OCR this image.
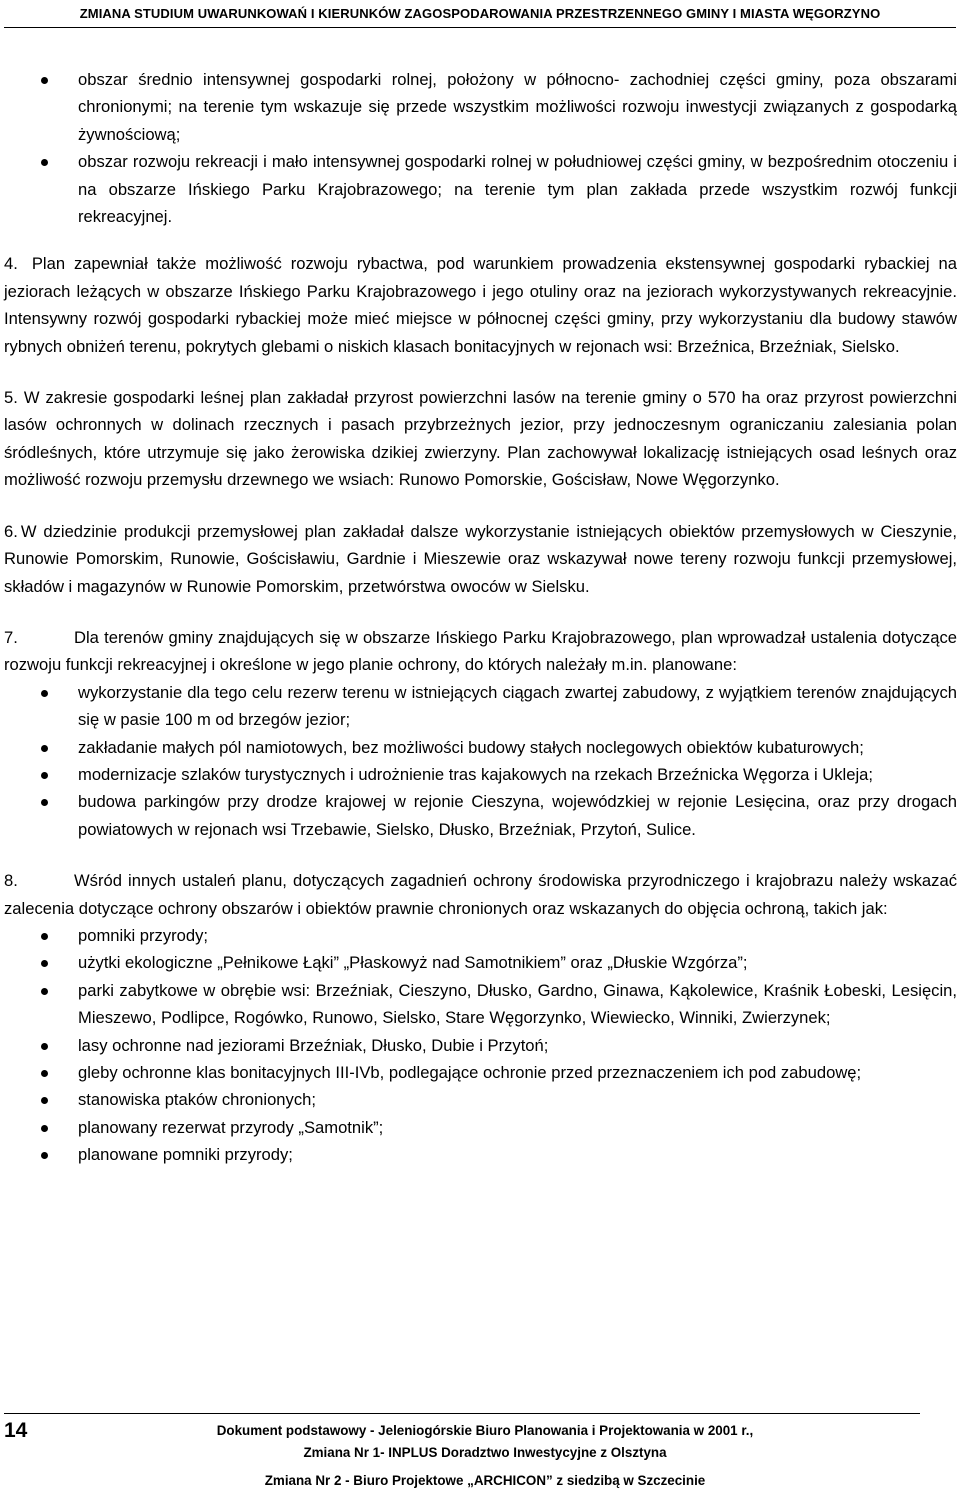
ZMIANA STUDIUM UWARUNKOWAŃ I KIERUNKÓW ZAGOSPODAROWANIA PRZESTRZENNEGO GMINY I MIASTA WĘGORZYNO
obszar średnio intensywnej gospodarki rolnej, położony w północno- zachodniej części gminy, poza obszarami chronionymi; na terenie tym wskazuje się przede wszystkim możliwości rozwoju inwestycji związanych z gospodarką żywnościową;
obszar rozwoju rekreacji i mało intensywnej gospodarki rolnej w południowej części gminy, w bezpośrednim otoczeniu i na obszarze Ińskiego Parku Krajobrazowego; na terenie tym plan zakłada przede wszystkim rozwój funkcji rekreacyjnej.

4. Plan zapewniał także możliwość rozwoju rybactwa, pod warunkiem prowadzenia ekstensywnej gospodarki rybackiej na jeziorach leżących w obszarze Ińskiego Parku Krajobrazowego i jego otuliny oraz na jeziorach wykorzystywanych rekreacyjnie. Intensywny rozwój gospodarki rybackiej może mieć miejsce w północnej części gminy, przy wykorzystaniu dla budowy stawów rybnych obniżeń terenu, pokrytych glebami o niskich klasach bonitacyjnych w rejonach wsi: Brzeźnica, Brzeźniak, Sielsko.

5. W zakresie gospodarki leśnej plan zakładał przyrost powierzchni lasów na terenie gminy o 570 ha oraz przyrost powierzchni lasów ochronnych w dolinach rzecznych i pasach przybrzeżnych jezior, przy jednoczesnym ograniczaniu zalesiania polan śródleśnych, które utrzymuje się jako żerowiska dzikiej zwierzyny. Plan zachowywał lokalizację istniejących osad leśnych oraz możliwość rozwoju przemysłu drzewnego we wsiach: Runowo Pomorskie, Gościsław, Nowe Węgorzynko.

6. W dziedzinie produkcji przemysłowej plan zakładał dalsze wykorzystanie istniejących obiektów przemysłowych w Cieszynie, Runowie Pomorskim, Runowie, Gościsławiu, Gardnie i Mieszewie oraz wskazywał nowe tereny rozwoju funkcji przemysłowej, składów i magazynów w Runowie Pomorskim, przetwórstwa owoców w Sielsku.

7.	Dla terenów gminy znajdujących się w obszarze Ińskiego Parku Krajobrazowego, plan wprowadzał ustalenia dotyczące rozwoju funkcji rekreacyjnej i określone w jego planie ochrony, do których należały m.in. planowane:

wykorzystanie dla tego celu rezerw terenu w istniejących ciągach zwartej zabudowy, z wyjątkiem terenów znajdujących się w pasie 100 m od brzegów jezior;
zakładanie małych pól namiotowych, bez możliwości budowy stałych noclegowych obiektów kubaturowych;
modernizacje szlaków turystycznych i udrożnienie tras kajakowych na rzekach Brzeźnicka Węgorza i Ukleja;
budowa parkingów przy drodze krajowej w rejonie Cieszyna, wojewódzkiej w rejonie Lesięcina, oraz przy drogach powiatowych w rejonach wsi Trzebawie, Sielsko, Dłusko, Brzeźniak, Przytoń, Sulice.

8.	Wśród innych ustaleń planu, dotyczących zagadnień ochrony środowiska przyrodniczego i krajobrazu należy wskazać zalecenia dotyczące ochrony obszarów i obiektów prawnie chronionych oraz wskazanych do objęcia ochroną, takich jak:

pomniki przyrody;
użytki ekologiczne „Pełnikowe Łąki” „Płaskowyż nad Samotnikiem” oraz „Dłuskie Wzgórza”;
parki zabytkowe w obrębie wsi: Brzeźniak, Cieszyno, Dłusko, Gardno, Ginawa, Kąkolewice, Kraśnik Łobeski, Lesięcin, Mieszewo, Podlipce, Rogówko, Runowo, Sielsko, Stare Węgorzynko, Wiewiecko, Winniki, Zwierzynek;
lasy ochronne nad jeziorami Brzeźniak, Dłusko, Dubie i Przytoń;
gleby ochronne klas bonitacyjnych III-IVb, podlegające ochronie przed przeznaczeniem ich pod zabudowę;
stanowiska ptaków chronionych;
planowany rezerwat przyrody „Samotnik”;
planowane pomniki przyrody;
14	Dokument podstawowy - Jeleniogórskie Biuro Planowania i Projektowania w 2001 r.,
Zmiana Nr 1- INPLUS Doradztwo Inwestycyjne z Olsztyna
Zmiana Nr 2 - Biuro Projektowe „ARCHICON” z siedzibą w Szczecinie
